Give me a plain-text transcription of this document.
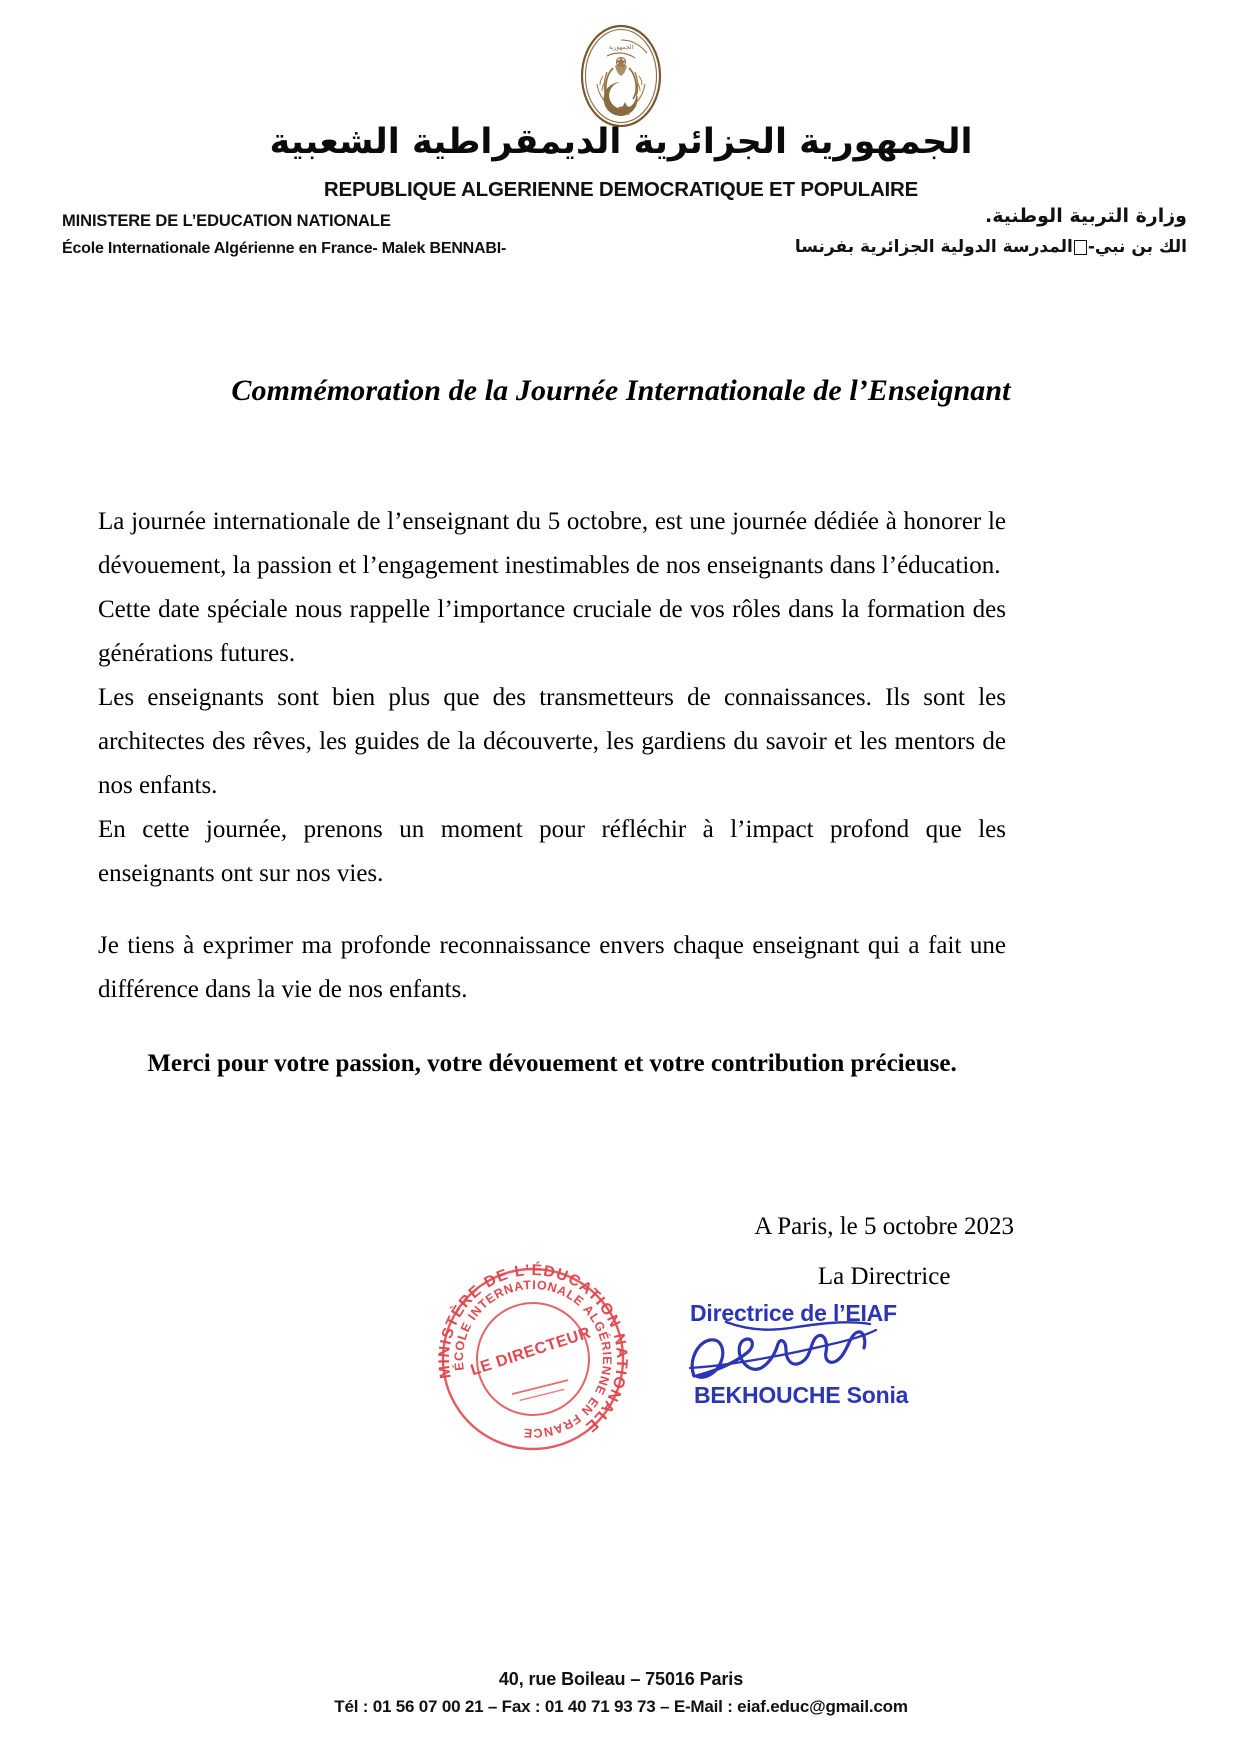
الجمهورية
الجمهورية الجزائرية الديمقراطية الشعبية
REPUBLIQUE ALGERIENNE DEMOCRATIQUE ET POPULAIRE
MINISTERE DE L’EDUCATION NATIONALE
École Internationale Algérienne en France- Malek BENNABI-
وزارة التربية الوطنية.
الك بن نبي-المدرسة الدولية الجزائرية بفرنسا
Commémoration de la Journée Internationale de l’Enseignant

La journée internationale de l’enseignant du 5 octobre, est une journée dédiée à honorer le dévouement, la passion et l’engagement inestimables de nos enseignants dans l’éducation.

Cette date spéciale nous rappelle l’importance cruciale de vos rôles dans la formation des générations futures.

Les enseignants sont bien plus que des transmetteurs de connaissances. Ils sont les architectes des rêves, les guides de la découverte, les gardiens du savoir et les mentors de nos enfants.

En cette journée, prenons un moment pour réfléchir à l’impact profond que les enseignants ont sur nos vies.

Je tiens à exprimer ma profonde reconnaissance envers chaque enseignant qui a fait une différence dans la vie de nos enfants.

Merci pour votre passion, votre dévouement et votre contribution précieuse.

A Paris, le 5 octobre 2023
La Directrice
Directrice de l’EIAF
BEKHOUCHE Sonia
MINISTÈRE DE L’ÉDUCATION NATIONALE
ÉCOLE INTERNATIONALE ALGÉRIENNE EN FRANCE
LE DIRECTEUR
40, rue Boileau – 75016 Paris
Tél : 01 56 07 00 21 – Fax : 01 40 71 93 73 – E-Mail : eiaf.educ@gmail.com
